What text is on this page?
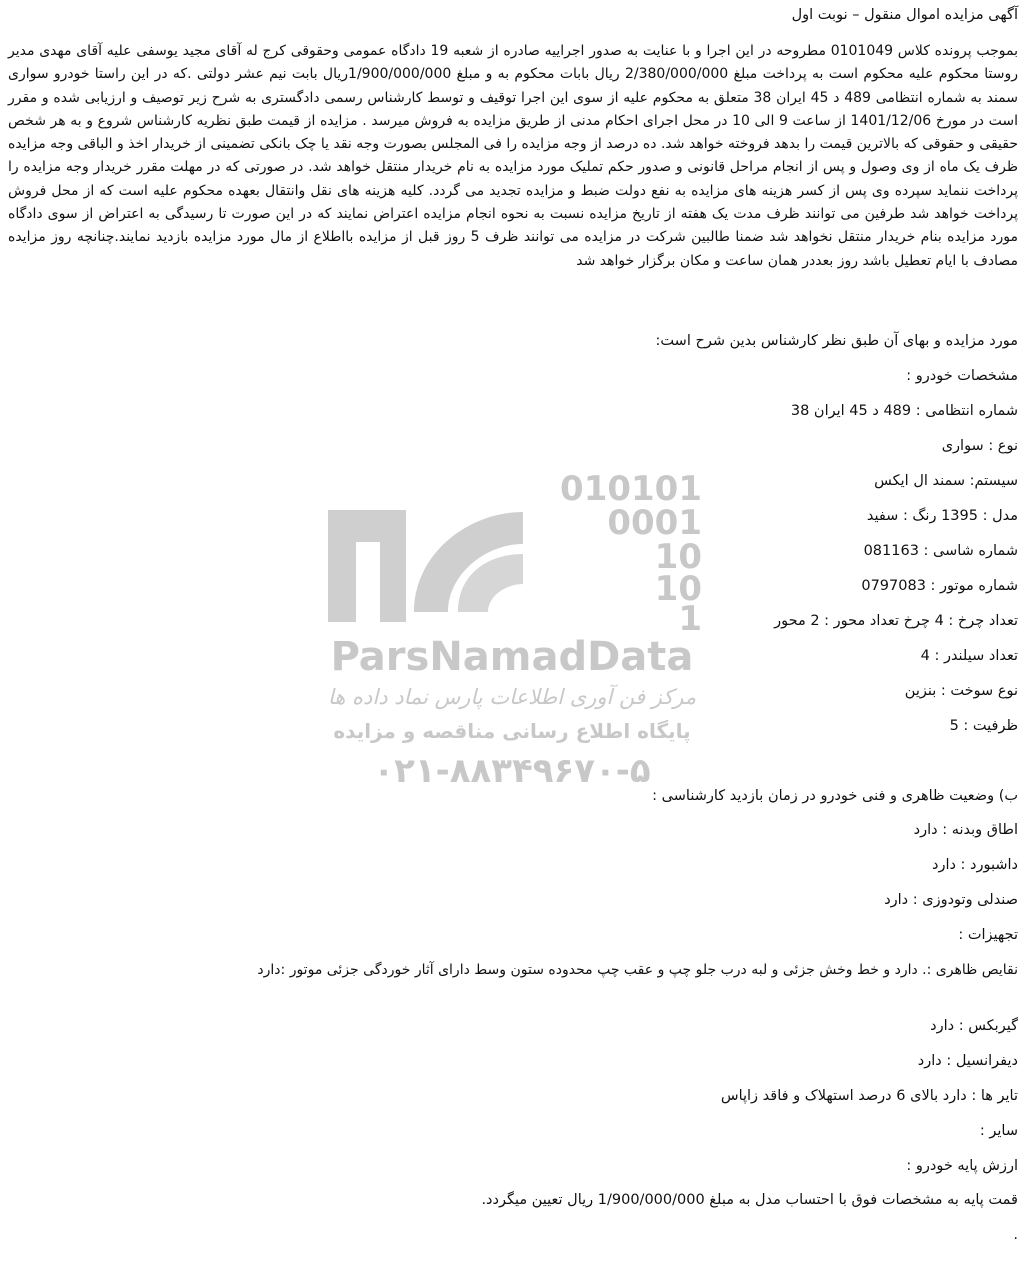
آگهی مزایده اموال منقول – نوبت اول

بموجب پرونده کلاس 0101049 مطروحه در این اجرا و با عنایت به صدور اجراییه صادره از شعبه 19 دادگاه عمومی وحقوقی کرج له آقای مجید یوسفی علیه آقای مهدی مدیر روستا محکوم علیه محکوم است به پرداخت مبلغ 2/380/000/000 ریال بابات محکوم به و مبلغ 1/900/000/000ریال بابت نیم عشر دولتی .که در این راستا خودرو سواری سمند به شماره انتظامی 489 د 45 ایران 38 متعلق به محکوم علیه از سوی این اجرا توقیف و توسط کارشناس رسمی دادگستری به شرح زیر توصیف و ارزیابی شده و مقرر است در مورخ 1401/12/06 از ساعت 9 الی 10 در محل اجرای احکام مدنی از طریق مزایده به فروش میرسد . مزایده از قیمت طبق نظریه کارشناس شروع و به هر شخص حقیقی و حقوقی که بالاترین قیمت را بدهد فروخته خواهد شد. ده درصد از وجه مزایده را فی المجلس بصورت وجه نقد یا چک بانکی تضمینی از خریدار اخذ و الباقی وجه مزایده ظرف یک ماه از وی وصول و پس از انجام مراحل قانونی و صدور حکم تملیک مورد مزایده به نام خریدار منتقل خواهد شد. در صورتی که در مهلت مقرر خریدار وجه مزایده را پرداخت ننماید سپرده وی پس از کسر هزینه های مزایده به نفع دولت ضبط و مزایده تجدید می گردد. کلیه هزینه های نقل وانتقال بعهده محکوم علیه است که از محل فروش پرداخت خواهد شد طرفین می توانند ظرف مدت یک هفته از تاریخ مزایده نسبت به نحوه انجام مزایده اعتراض نمایند که در این صورت تا رسیدگی به اعتراض از سوی دادگاه مورد مزایده بنام خریدار منتقل نخواهد شد ضمنا طالبین شرکت در مزایده می توانند ظرف 5 روز قبل از مزایده بااطلاع از مال مورد مزایده بازدید نمایند.چنانچه روز مزایده مصادف با ایام تعطیل باشد روز بعددر همان ساعت و مکان برگزار خواهد شد

مورد مزایده و بهای آن طبق نظر کارشناس بدین شرح است:
مشخصات خودرو :
شماره انتظامی : 489 د 45 ایران 38
نوع : سواری
سیستم: سمند ال ایکس
مدل : 1395 رنگ : سفید
شماره شاسی : 081163
شماره موتور : 0797083
تعداد چرخ : 4 چرخ تعداد محور : 2 محور
تعداد سیلندر : 4
نوع سوخت : بنزین
ظرفیت : 5
ب) وضعیت ظاهری و فنی خودرو در زمان بازدید کارشناسی :
اطاق وبدنه : دارد
داشبورد : دارد
صندلی وتودوزی : دارد
تجهیزات :
نقایص ظاهری :. دارد و خط وخش جزئی و لبه درب جلو چپ و عقب چپ محدوده ستون وسط دارای آثار خوردگی جزئی موتور :دارد
گیربکس : دارد
دیفرانسیل : دارد
تایر ها : دارد بالای 6 درصد استهلاک و فاقد زاپاس
سایر :
ارزش پایه خودرو :
قمت پایه به مشخصات فوق با احتساب مدل به مبلغ 1/900/000/000 ریال تعیین میگردد.
.
010101
0001
10
10
1
ParsNamadData
مرکز فن آوری اطلاعات پارس نماد داده ها
پایگاه اطلاع رسانی مناقصه و مزایده
۰۲۱-۸۸۳۴۹۶۷۰-۵
